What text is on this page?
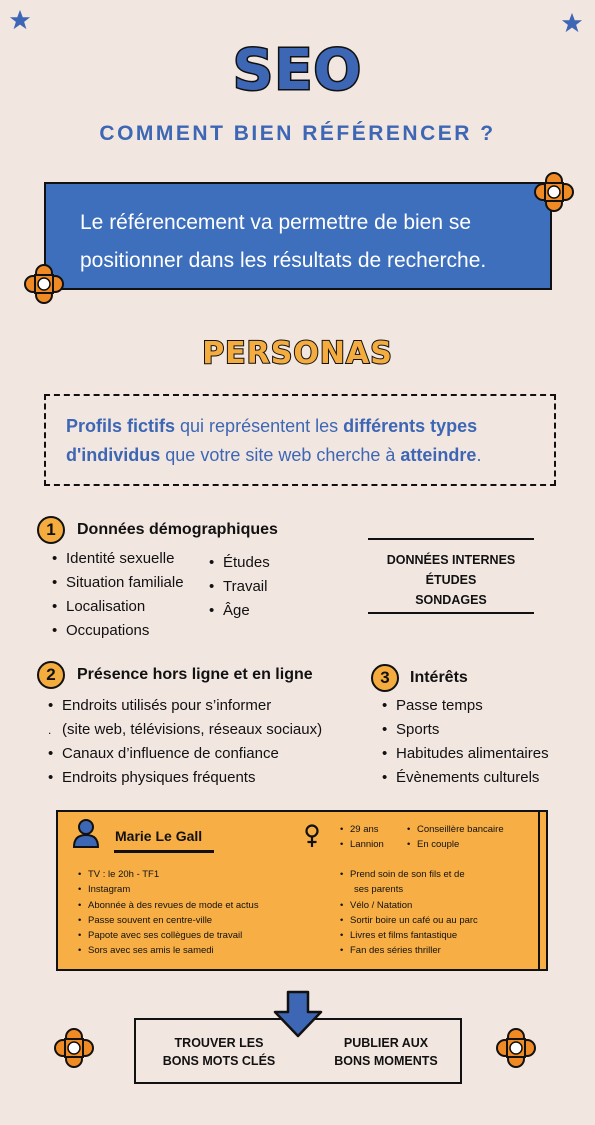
SEO
COMMENT BIEN RÉFÉRENCER ?
Le référencement va permettre de bien se
positionner dans les résultats de recherche.
PERSONAS
Profils fictifs qui représentent les différents types
d'individus que votre site web cherche à atteindre.
1	Données démographiques
• Identité sexuelle
• Situation familiale
• Localisation
• Occupations
• Études
• Travail
• Âge
DONNÉES INTERNES
ÉTUDES
SONDAGES
2	Présence hors ligne et en ligne
• Endroits utilisés pour s’informer
. (site web, télévisions, réseaux sociaux)
• Canaux d’influence de confiance
• Endroits physiques fréquents
3	Intérêts
• Passe temps
• Sports
• Habitudes alimentaires
• Évènements culturels
Marie Le Gall
•	29 ans
• Lannion
• Conseillère bancaire
• En couple
• TV : le 20h - TF1
• Instagram
• Abonnée à des revues de mode et actus
• Passe souvent en centre-ville
• Papote avec ses collègues de travail
• Sors avec ses amis le samedi
• Prend soin de son fils et de
ses parents
• Vélo / Natation
• Sortir boire un café ou au parc
• Livres et films fantastique
• Fan des séries thriller
TROUVER LES
BONS MOTS CLÉS
PUBLIER AUX
BONS MOMENTS
